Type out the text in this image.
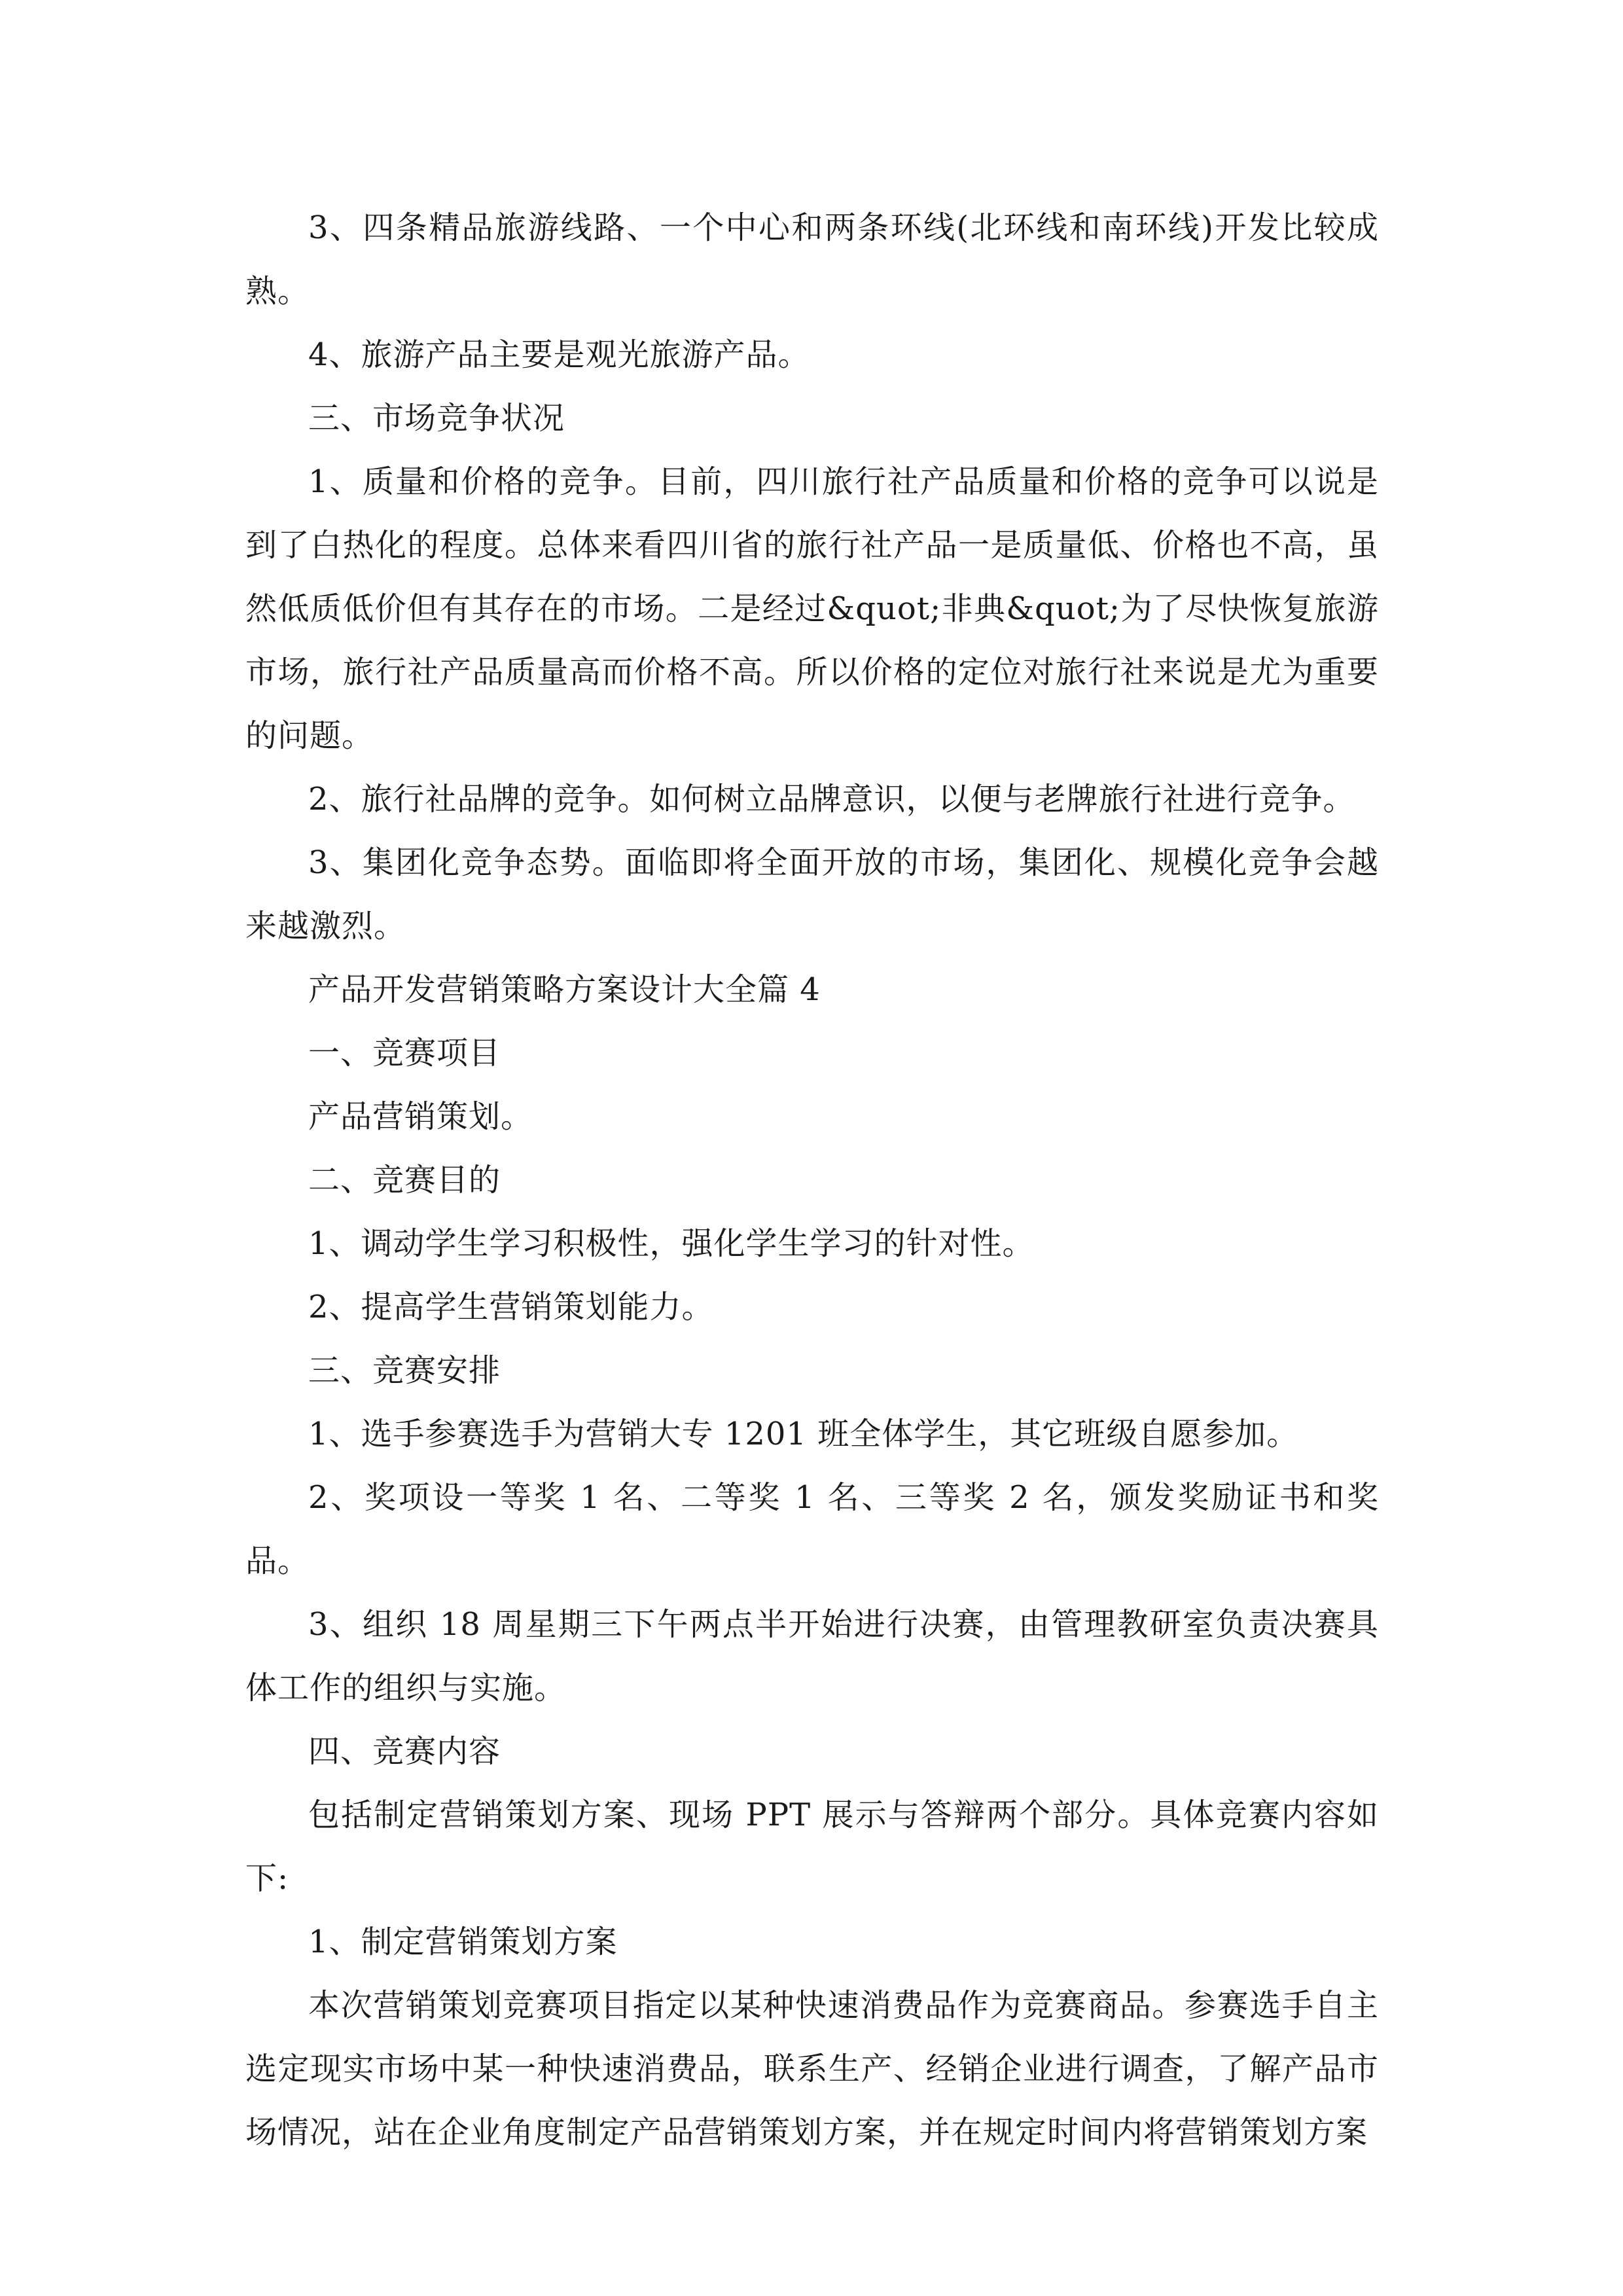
3、四条精品旅游线路、一个中心和两条环线(北环线和南环线)开发比较成熟。

4、旅游产品主要是观光旅游产品。

三、市场竞争状况

1、质量和价格的竞争。目前，四川旅行社产品质量和价格的竞争可以说是到了白热化的程度。总体来看四川省的旅行社产品一是质量低、价格也不高，虽然低质低价但有其存在的市场。二是经过&quot;非典&quot;为了尽快恢复旅游市场，旅行社产品质量高而价格不高。所以价格的定位对旅行社来说是尤为重要的问题。

2、旅行社品牌的竞争。如何树立品牌意识，以便与老牌旅行社进行竞争。

3、集团化竞争态势。面临即将全面开放的市场，集团化、规模化竞争会越来越激烈。

产品开发营销策略方案设计大全篇 4

一、竞赛项目

产品营销策划。

二、竞赛目的

1、调动学生学习积极性，强化学生学习的针对性。

2、提高学生营销策划能力。

三、竞赛安排

1、选手参赛选手为营销大专 1201 班全体学生，其它班级自愿参加。

2、奖项设一等奖 1 名、二等奖 1 名、三等奖 2 名，颁发奖励证书和奖品。

3、组织 18 周星期三下午两点半开始进行决赛，由管理教研室负责决赛具体工作的组织与实施。

四、竞赛内容

包括制定营销策划方案、现场 PPT 展示与答辩两个部分。具体竞赛内容如下:

1、制定营销策划方案

本次营销策划竞赛项目指定以某种快速消费品作为竞赛商品。参赛选手自主选定现实市场中某一种快速消费品，联系生产、经销企业进行调查，了解产品市场情况，站在企业角度制定产品营销策划方案，并在规定时间内将营销策划方案
